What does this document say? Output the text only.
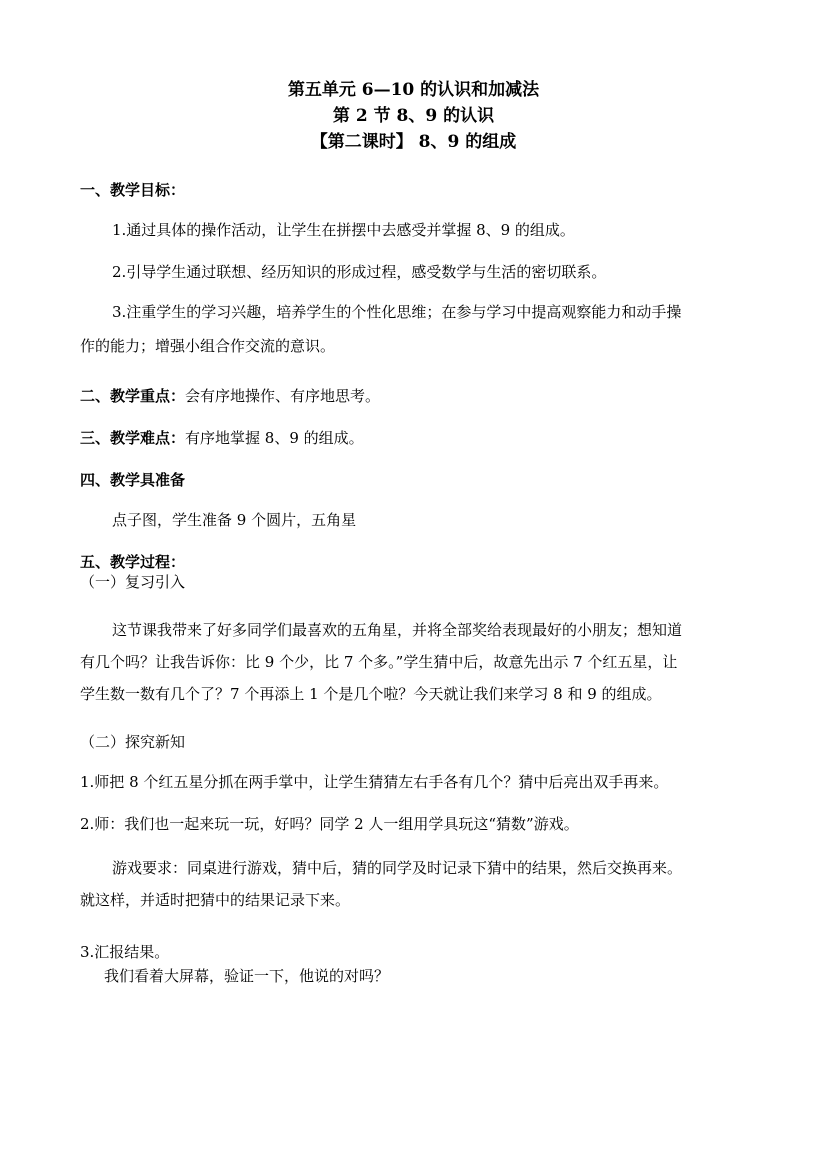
第五单元 6—10 的认识和加减法
第 2 节 8、9 的认识
【第二课时】 8、9 的组成
一、教学目标：
1.通过具体的操作活动，让学生在拼摆中去感受并掌握 8、9 的组成。
2.引导学生通过联想、经历知识的形成过程，感受数学与生活的密切联系。
3.注重学生的学习兴趣，培养学生的个性化思维；在参与学习中提高观察能力和动手操
作的能力；增强小组合作交流的意识。
二、教学重点：会有序地操作、有序地思考。
三、教学难点：有序地掌握 8、9 的组成。
四、教学具准备
点子图，学生准备 9 个圆片，五角星
五、教学过程：
（一）复习引入
这节课我带来了好多同学们最喜欢的五角星，并将全部奖给表现最好的小朋友；想知道
有几个吗？让我告诉你：比 9 个少，比 7 个多。”学生猜中后，故意先出示 7 个红五星，让
学生数一数有几个了？7 个再添上 1 个是几个啦？今天就让我们来学习 8 和 9 的组成。
（二）探究新知
1.师把 8 个红五星分抓在两手掌中，让学生猜猜左右手各有几个？猜中后亮出双手再来。
2.师：我们也一起来玩一玩，好吗？同学 2 人一组用学具玩这“猜数”游戏。
游戏要求：同桌进行游戏，猜中后，猜的同学及时记录下猜中的结果，然后交换再来。
就这样，并适时把猜中的结果记录下来。
3.汇报结果。
我们看着大屏幕，验证一下，他说的对吗？
